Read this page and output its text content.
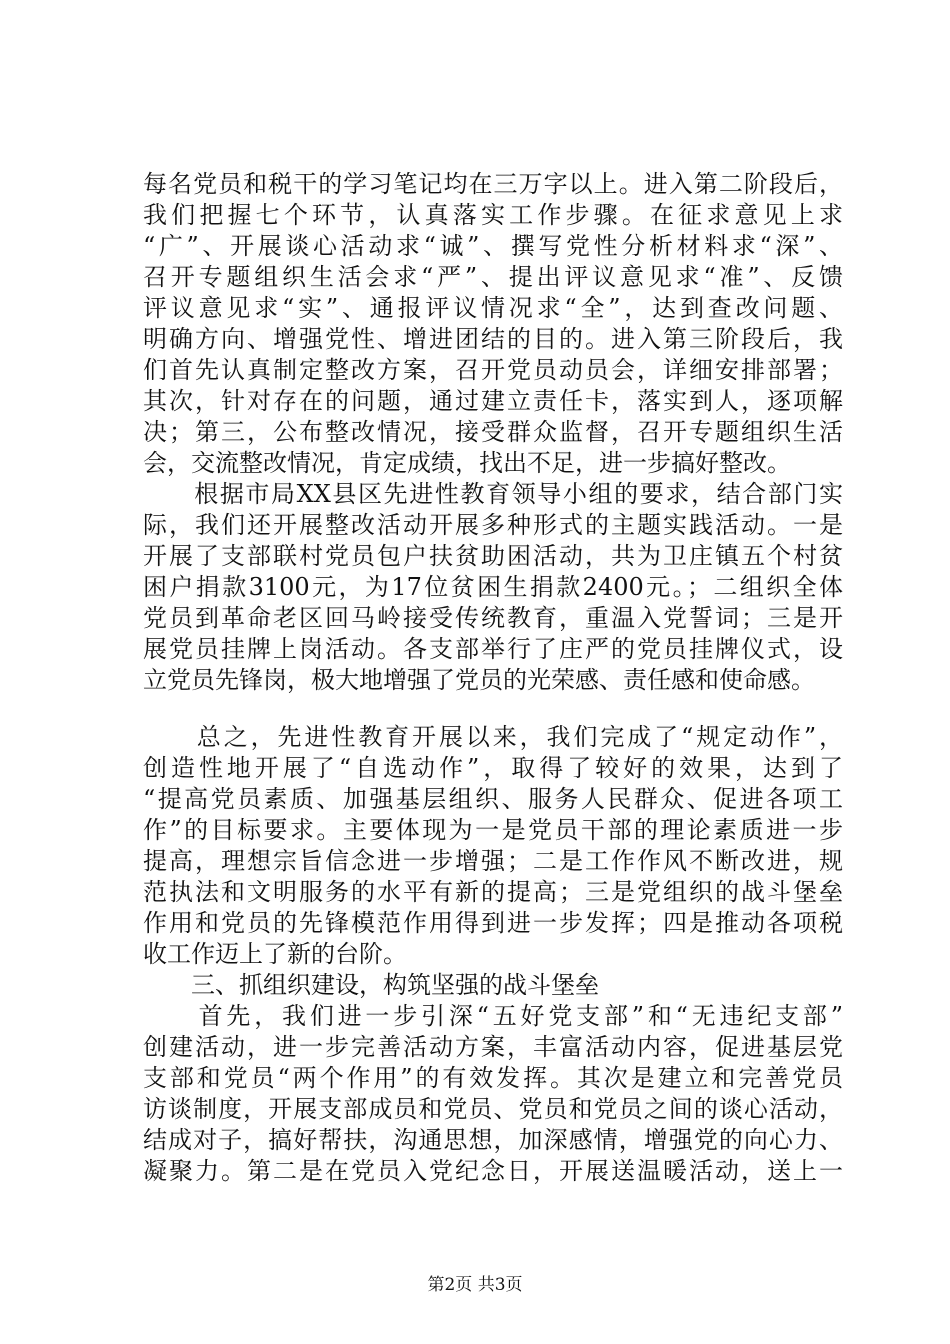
每名党员和税干的学习笔记均在三万字以上。进入第二阶段后，
我们把握七个环节，认真落实工作步骤。在征求意见上求
“广”、开展谈心活动求“诚”、撰写党性分析材料求“深”、
召开专题组织生活会求“严”、提出评议意见求“准”、反馈
评议意见求“实”、通报评议情况求“全”，达到查改问题、
明确方向、增强党性、增进团结的目的。进入第三阶段后，我
们首先认真制定整改方案，召开党员动员会，详细安排部署；
其次，针对存在的问题，通过建立责任卡，落实到人，逐项解
决；第三，公布整改情况，接受群众监督，召开专题组织生活
会，交流整改情况，肯定成绩，找出不足，进一步搞好整改。
　　根据市局XX县区先进性教育领导小组的要求，结合部门实
际，我们还开展整改活动开展多种形式的主题实践活动。一是
开展了支部联村党员包户扶贫助困活动，共为卫庄镇五个村贫
困户捐款3100元，为17位贫困生捐款2400元。；二组织全体
党员到革命老区回马岭接受传统教育，重温入党誓词；三是开
展党员挂牌上岗活动。各支部举行了庄严的党员挂牌仪式，设
立党员先锋岗，极大地增强了党员的光荣感、责任感和使命感。
　　总之，先进性教育开展以来，我们完成了“规定动作”，
创造性地开展了“自选动作”，取得了较好的效果，达到了
“提高党员素质、加强基层组织、服务人民群众、促进各项工
作”的目标要求。主要体现为一是党员干部的理论素质进一步
提高，理想宗旨信念进一步增强；二是工作作风不断改进，规
范执法和文明服务的水平有新的提高；三是党组织的战斗堡垒
作用和党员的先锋模范作用得到进一步发挥；四是推动各项税
收工作迈上了新的台阶。
　　三、抓组织建设，构筑坚强的战斗堡垒
　　首先，我们进一步引深“五好党支部”和“无违纪支部”
创建活动，进一步完善活动方案，丰富活动内容，促进基层党
支部和党员“两个作用”的有效发挥。其次是建立和完善党员
访谈制度，开展支部成员和党员、党员和党员之间的谈心活动，
结成对子，搞好帮扶，沟通思想，加深感情，增强党的向心力、
凝聚力。第二是在党员入党纪念日，开展送温暖活动，送上一
第2页 共3页
